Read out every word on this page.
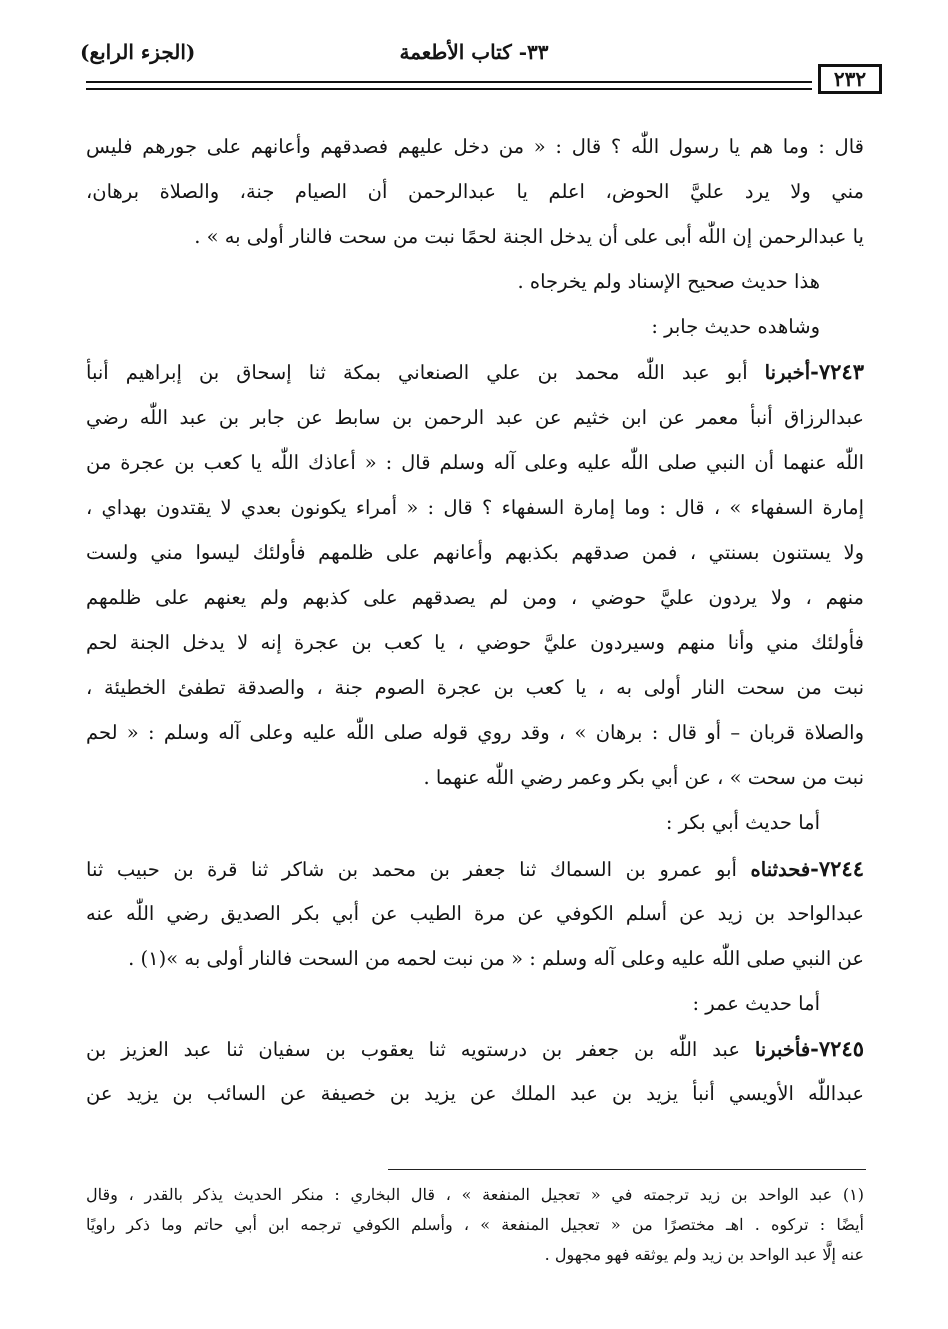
٣٣- كتاب الأطعمة
(الجزء الرابع)
٢٣٢
قال : وما هم يا رسول اللّٰه ؟ قال : « من دخل عليهم فصدقهم وأعانهم على جورهم فليس
مني ولا يرد عليَّ الحوض، اعلم يا عبدالرحمن أن الصيام جنة، والصلاة برهان،
يا عبدالرحمن إن اللّٰه أبى على أن يدخل الجنة لحمًا نبت من سحت فالنار أولى به » .
هذا حديث صحيح الإسناد ولم يخرجاه .
وشاهده حديث جابر :
٧٢٤٣-أخبرنا أبو عبد اللّٰه محمد بن علي الصنعاني بمكة ثنا إسحاق بن إبراهيم أنبأ
عبدالرزاق أنبأ معمر عن ابن خثيم عن عبد الرحمن بن سابط عن جابر بن عبد اللّٰه رضي
اللّٰه عنهما أن النبي صلى اللّٰه عليه وعلى آله وسلم قال : « أعاذك اللّٰه يا كعب بن عجرة من
إمارة السفهاء » ، قال : وما إمارة السفهاء ؟ قال : « أمراء يكونون بعدي لا يقتدون بهداي ،
ولا يستنون بسنتي ، فمن صدقهم بكذبهم وأعانهم على ظلمهم فأولئك ليسوا مني ولست
منهم ، ولا يردون عليَّ حوضي ، ومن لم يصدقهم على كذبهم ولم يعنهم على ظلمهم
فأولئك مني وأنا منهم وسيردون عليَّ حوضي ، يا كعب بن عجرة إنه لا يدخل الجنة لحم
نبت من سحت النار أولى به ، يا كعب بن عجرة الصوم جنة ، والصدقة تطفئ الخطيئة ،
والصلاة قربان – أو قال : برهان » ، وقد روي قوله صلى اللّٰه عليه وعلى آله وسلم : « لحم
نبت من سحت » ، عن أبي بكر وعمر رضي اللّٰه عنهما .
أما حديث أبي بكر :
٧٢٤٤-فحدثناه أبو عمرو بن السماك ثنا جعفر بن محمد بن شاكر ثنا قرة بن حبيب ثنا
عبدالواحد بن زيد عن أسلم الكوفي عن مرة الطيب عن أبي بكر الصديق رضي اللّٰه عنه
عن النبي صلى اللّٰه عليه وعلى آله وسلم : « من نبت لحمه من السحت فالنار أولى به »(١) .
أما حديث عمر :
٧٢٤٥-فأخبرنا عبد اللّٰه بن جعفر بن درستويه ثنا يعقوب بن سفيان ثنا عبد العزيز بن
عبداللّٰه الأويسي أنبأ يزيد بن عبد الملك عن يزيد بن خصيفة عن السائب بن يزيد عن
(١) عبد الواحد بن زيد ترجمته في « تعجيل المنفعة » ، قال البخاري : منكر الحديث يذكر بالقدر ، وقال
أيضًا : تركوه . اهـ مختصرًا من « تعجيل المنفعة » ، وأسلم الكوفي ترجمه ابن أبي حاتم وما ذكر راويًا
عنه إلَّا عبد الواحد بن زيد ولم يوثقه فهو مجهول .
